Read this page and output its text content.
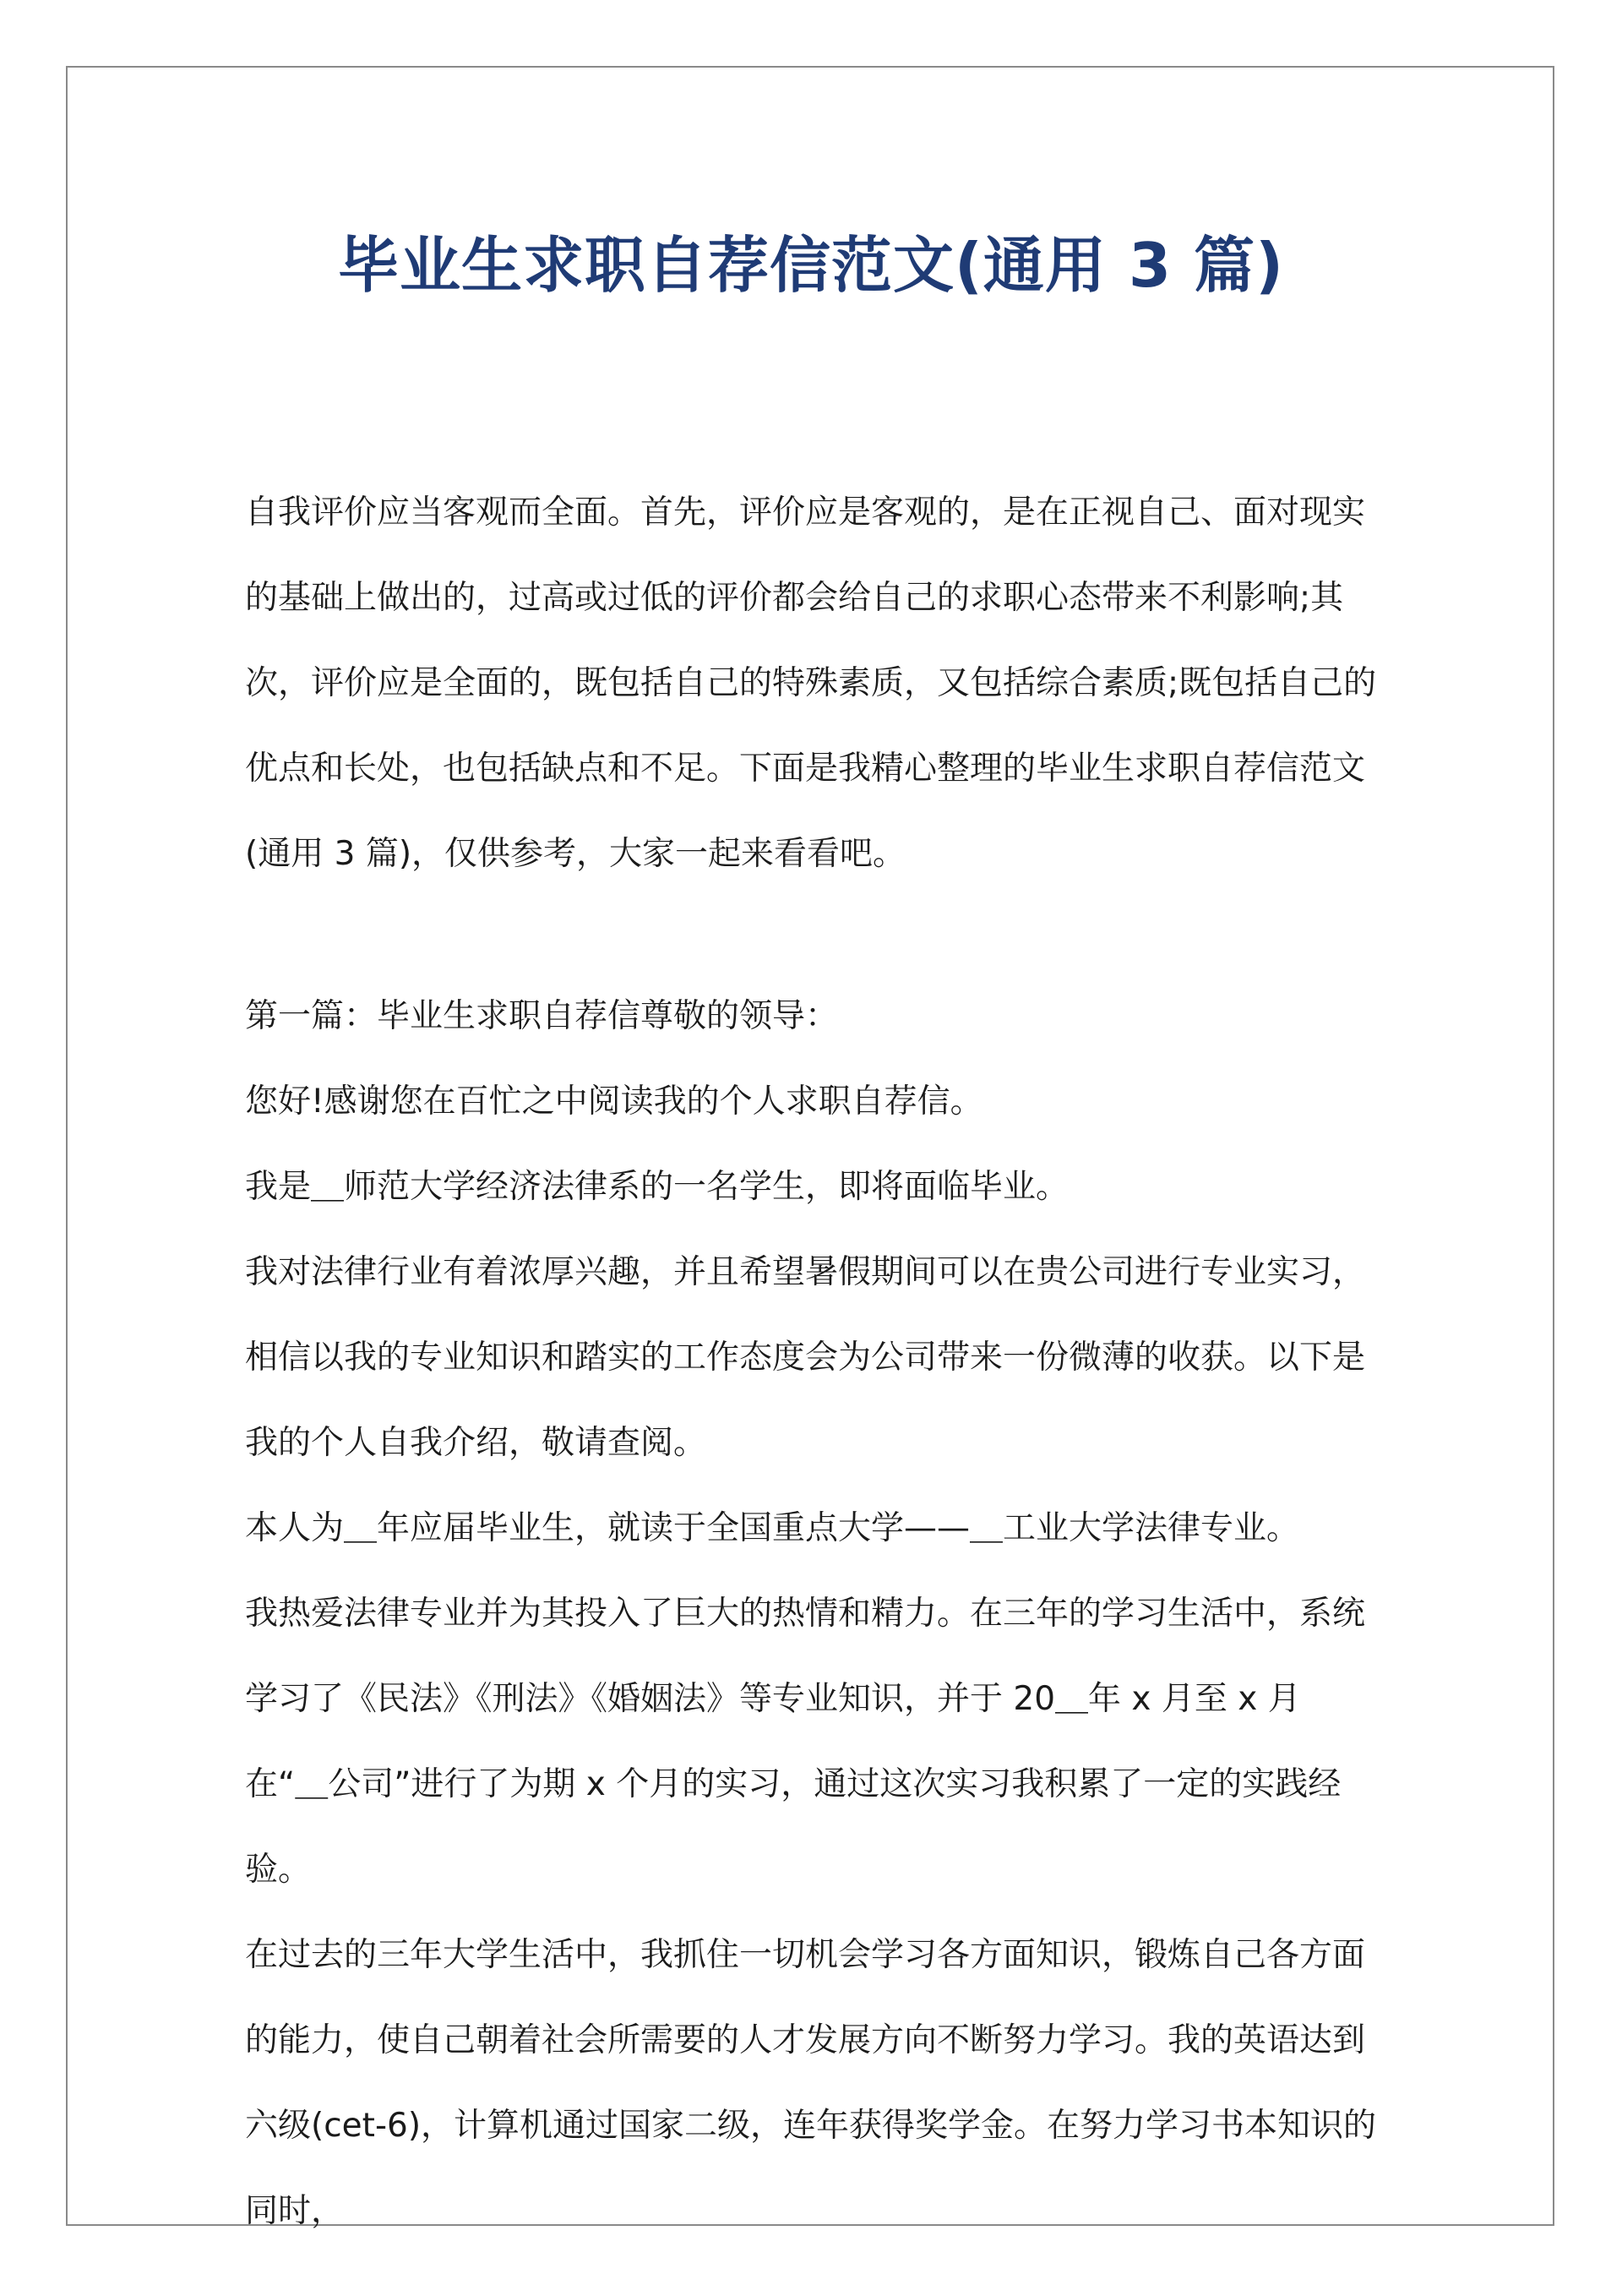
毕业生求职自荐信范文(通用 3 篇)
自我评价应当客观而全面。首先，评价应是客观的，是在正视自己、面对现实的基础上做出的，过高或过低的评价都会给自己的求职心态带来不利影响;其次，评价应是全面的，既包括自己的特殊素质，又包括综合素质;既包括自己的优点和长处，也包括缺点和不足。下面是我精心整理的毕业生求职自荐信范文(通用 3 篇)，仅供参考，大家一起来看看吧。

第一篇：毕业生求职自荐信尊敬的领导：

您好!感谢您在百忙之中阅读我的个人求职自荐信。

我是＿师范大学经济法律系的一名学生，即将面临毕业。

我对法律行业有着浓厚兴趣，并且希望暑假期间可以在贵公司进行专业实习，相信以我的专业知识和踏实的工作态度会为公司带来一份微薄的收获。以下是我的个人自我介绍，敬请查阅。

本人为＿年应届毕业生，就读于全国重点大学——＿工业大学法律专业。

我热爱法律专业并为其投入了巨大的热情和精力。在三年的学习生活中，系统学习了《民法》《刑法》《婚姻法》等专业知识，并于 20＿年 x 月至 x 月在“＿公司”进行了为期 x 个月的实习，通过这次实习我积累了一定的实践经验。

在过去的三年大学生活中，我抓住一切机会学习各方面知识，锻炼自己各方面的能力，使自己朝着社会所需要的人才发展方向不断努力学习。我的英语达到六级(cet-6)，计算机通过国家二级，连年获得奖学金。在努力学习书本知识的同时，
